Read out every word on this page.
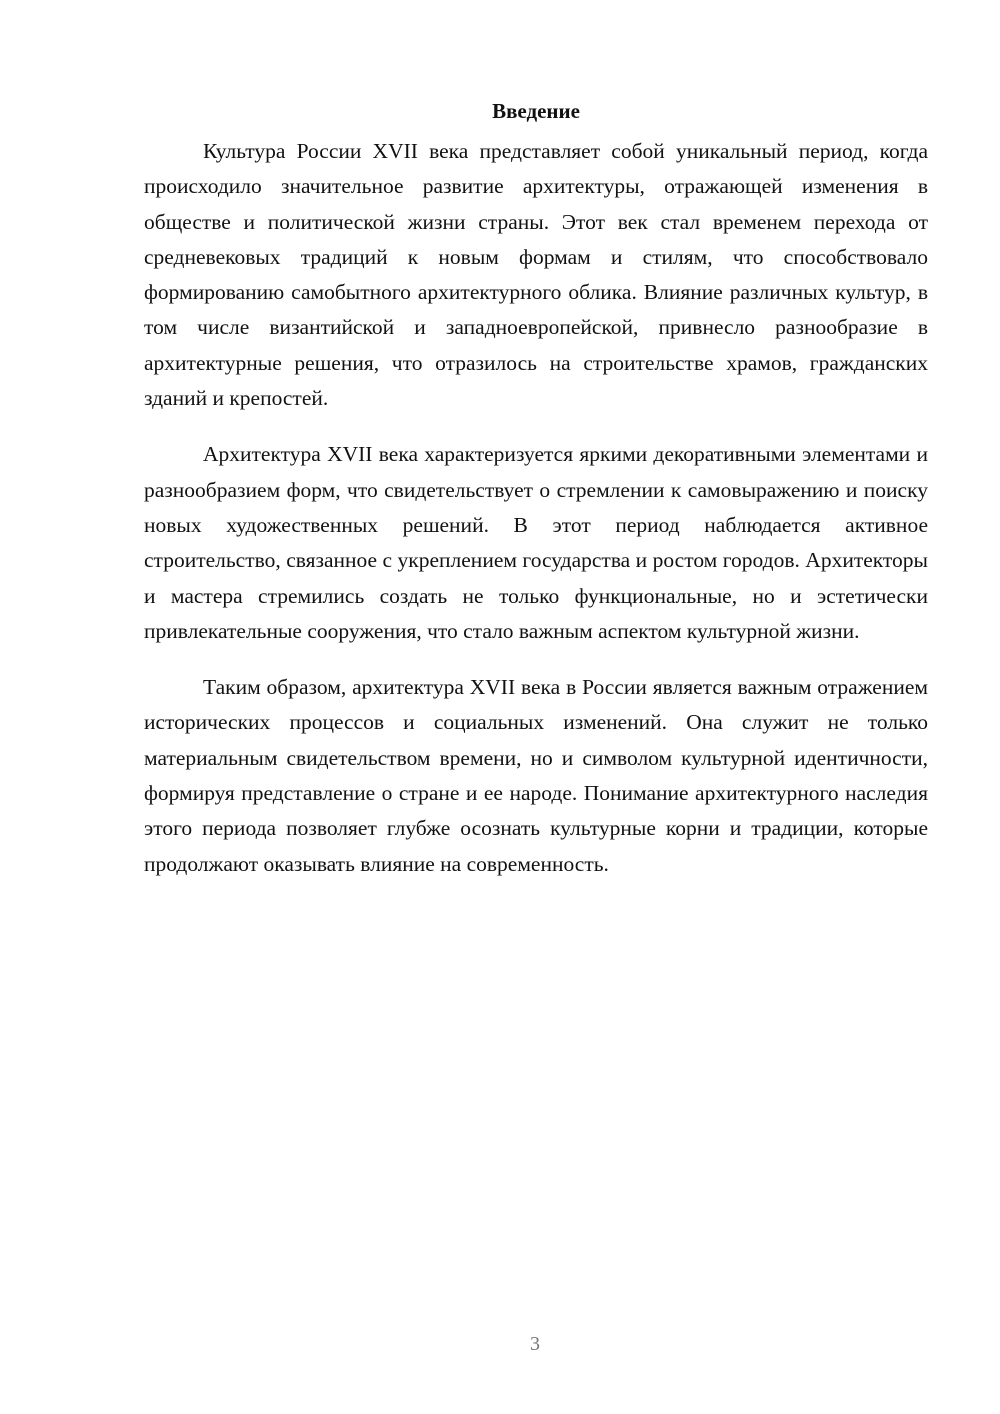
Введение

Культура России XVII века представляет собой уникальный период, когда происходило значительное развитие архитектуры, отражающей изменения в обществе и политической жизни страны. Этот век стал временем перехода от средневековых традиций к новым формам и стилям, что способствовало формированию самобытного архитектурного облика. Влияние различных культур, в том числе византийской и западноевропейской, привнесло разнообразие в архитектурные решения, что отразилось на строительстве храмов, гражданских зданий и крепостей.

Архитектура XVII века характеризуется яркими декоративными элементами и разнообразием форм, что свидетельствует о стремлении к самовыражению и поиску новых художественных решений. В этот период наблюдается активное строительство, связанное с укреплением государства и ростом городов. Архитекторы и мастера стремились создать не только функциональные, но и эстетически привлекательные сооружения, что стало важным аспектом культурной жизни.

Таким образом, архитектура XVII века в России является важным отражением исторических процессов и социальных изменений. Она служит не только материальным свидетельством времени, но и символом культурной идентичности, формируя представление о стране и ее народе. Понимание архитектурного наследия этого периода позволяет глубже осознать культурные корни и традиции, которые продолжают оказывать влияние на современность.

3
